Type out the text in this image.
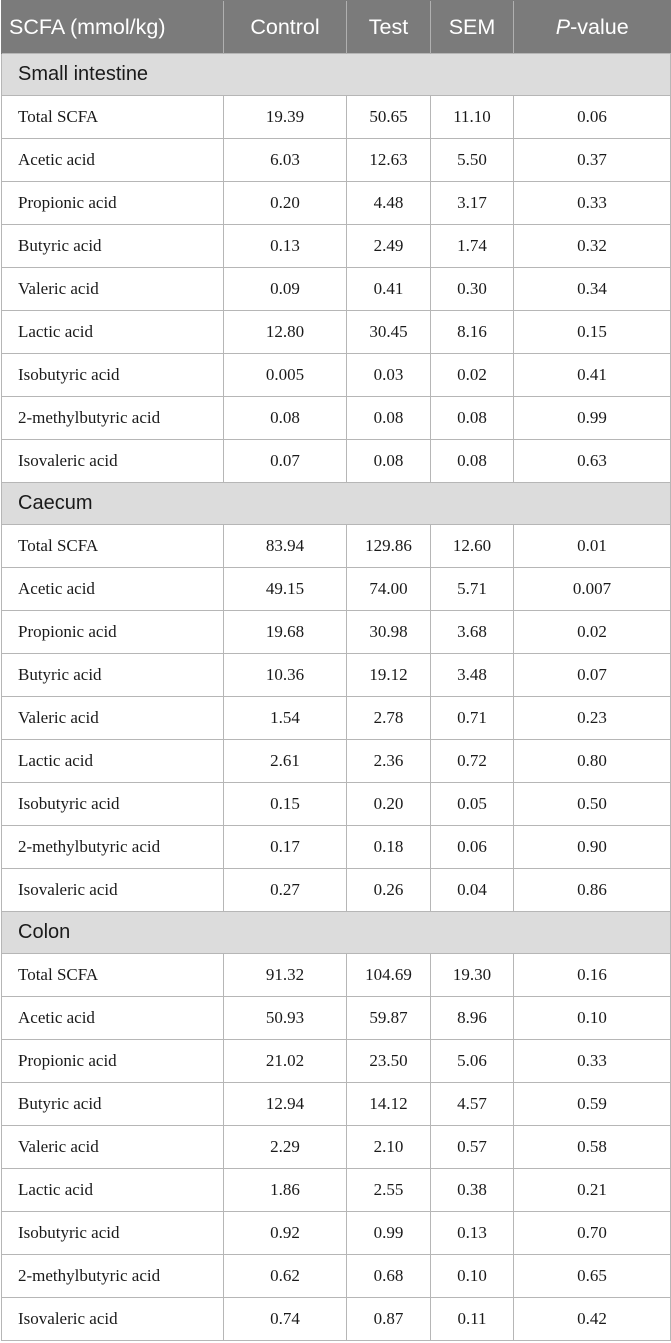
SCFA (mmol/kg)	Control	Test	SEM	P-value
Small intestine				
Total SCFA	19.39	50.65	11.10	0.06
Acetic acid	6.03	12.63	5.50	0.37
Propionic acid	0.20	4.48	3.17	0.33
Butyric acid	0.13	2.49	1.74	0.32
Valeric acid	0.09	0.41	0.30	0.34
Lactic acid	12.80	30.45	8.16	0.15
Isobutyric acid	0.005	0.03	0.02	0.41
2-methylbutyric acid	0.08	0.08	0.08	0.99
Isovaleric acid	0.07	0.08	0.08	0.63
Caecum				
Total SCFA	83.94	129.86	12.60	0.01
Acetic acid	49.15	74.00	5.71	0.007
Propionic acid	19.68	30.98	3.68	0.02
Butyric acid	10.36	19.12	3.48	0.07
Valeric acid	1.54	2.78	0.71	0.23
Lactic acid	2.61	2.36	0.72	0.80
Isobutyric acid	0.15	0.20	0.05	0.50
2-methylbutyric acid	0.17	0.18	0.06	0.90
Isovaleric acid	0.27	0.26	0.04	0.86
Colon				
Total SCFA	91.32	104.69	19.30	0.16
Acetic acid	50.93	59.87	8.96	0.10
Propionic acid	21.02	23.50	5.06	0.33
Butyric acid	12.94	14.12	4.57	0.59
Valeric acid	2.29	2.10	0.57	0.58
Lactic acid	1.86	2.55	0.38	0.21
Isobutyric acid	0.92	0.99	0.13	0.70
2-methylbutyric acid	0.62	0.68	0.10	0.65
Isovaleric acid	0.74	0.87	0.11	0.42
